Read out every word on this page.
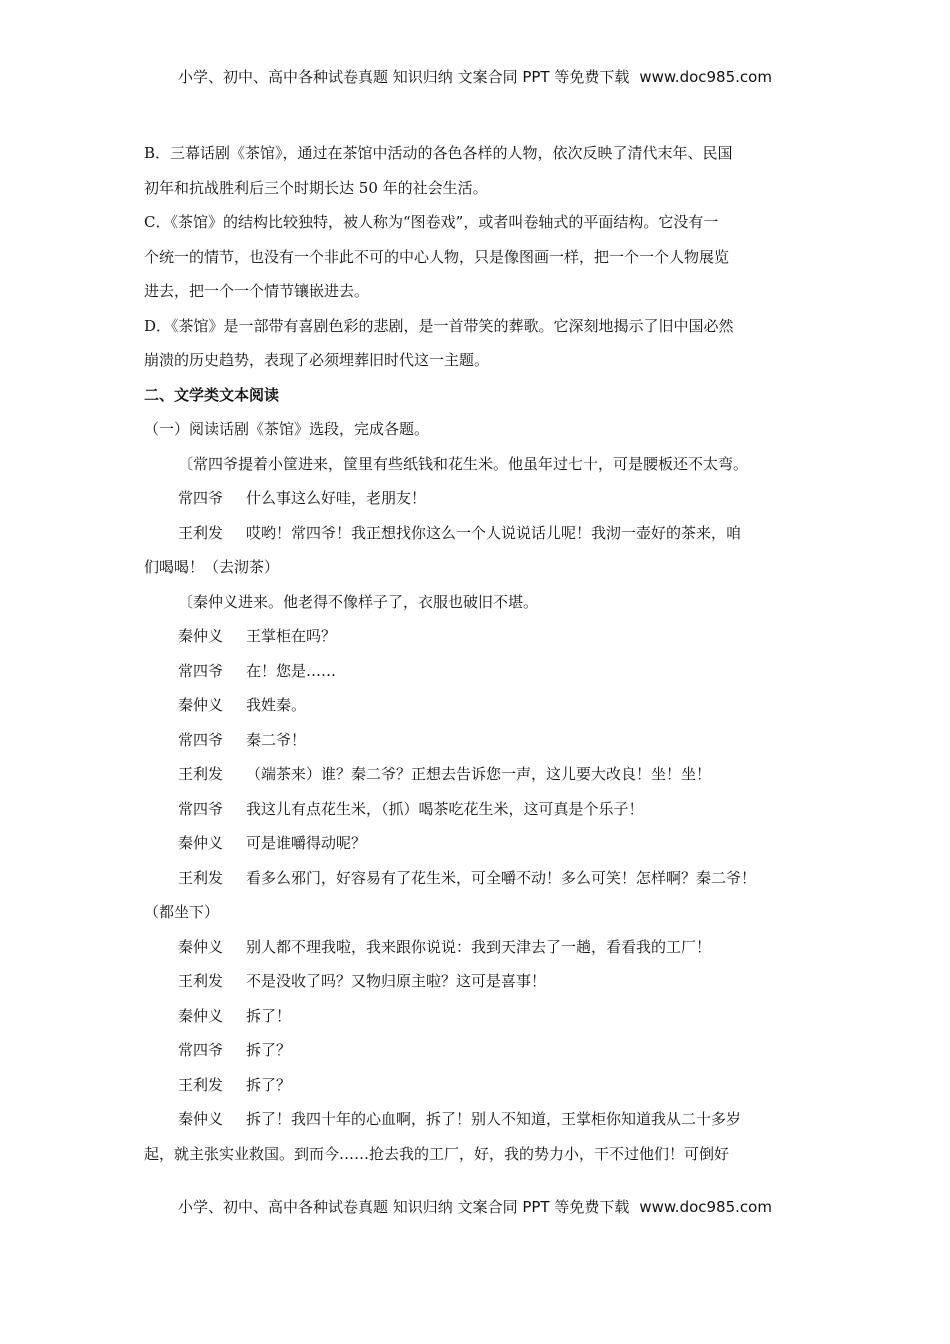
小学、初中、高中各种试卷真题 知识归纳 文案合同 PPT 等免费下载 www.doc985.com
B．三幕话剧《茶馆》，通过在茶馆中活动的各色各样的人物，依次反映了清代末年、民国
初年和抗战胜利后三个时期长达 50 年的社会生活。
C．《茶馆》的结构比较独特，被人称为“图卷戏”，或者叫卷轴式的平面结构。它没有一
个统一的情节，也没有一个非此不可的中心人物，只是像图画一样，把一个一个人物展览
进去，把一个一个情节镶嵌进去。
D．《茶馆》是一部带有喜剧色彩的悲剧，是一首带笑的葬歌。它深刻地揭示了旧中国必然
崩溃的历史趋势，表现了必须埋葬旧时代这一主题。
二、文学类文本阅读
（一）阅读话剧《茶馆》选段，完成各题。
〔常四爷提着小筐进来，筐里有些纸钱和花生米。他虽年过七十，可是腰板还不太弯。
常四爷 什么事这么好哇，老朋友！
王利发 哎哟！常四爷！我正想找你这么一个人说说话儿呢！我沏一壶好的茶来，咱
们喝喝！（去沏茶）
〔秦仲义进来。他老得不像样子了，衣服也破旧不堪。
秦仲义 王掌柜在吗？
常四爷 在！您是……
秦仲义 我姓秦。
常四爷 秦二爷！
王利发 （端茶来）谁？秦二爷？正想去告诉您一声，这儿要大改良！坐！坐！
常四爷 我这儿有点花生米，（抓）喝茶吃花生米，这可真是个乐子！
秦仲义 可是谁嚼得动呢？
王利发 看多么邪门，好容易有了花生米，可全嚼不动！多么可笑！怎样啊？秦二爷！
（都坐下）
秦仲义 别人都不理我啦，我来跟你说说：我到天津去了一趟，看看我的工厂！
王利发 不是没收了吗？又物归原主啦？这可是喜事！
秦仲义 拆了！
常四爷 拆了？
王利发 拆了？
秦仲义 拆了！我四十年的心血啊，拆了！别人不知道，王掌柜你知道我从二十多岁
起，就主张实业救国。到而今……抢去我的工厂，好，我的势力小，干不过他们！可倒好
小学、初中、高中各种试卷真题 知识归纳 文案合同 PPT 等免费下载 www.doc985.com
